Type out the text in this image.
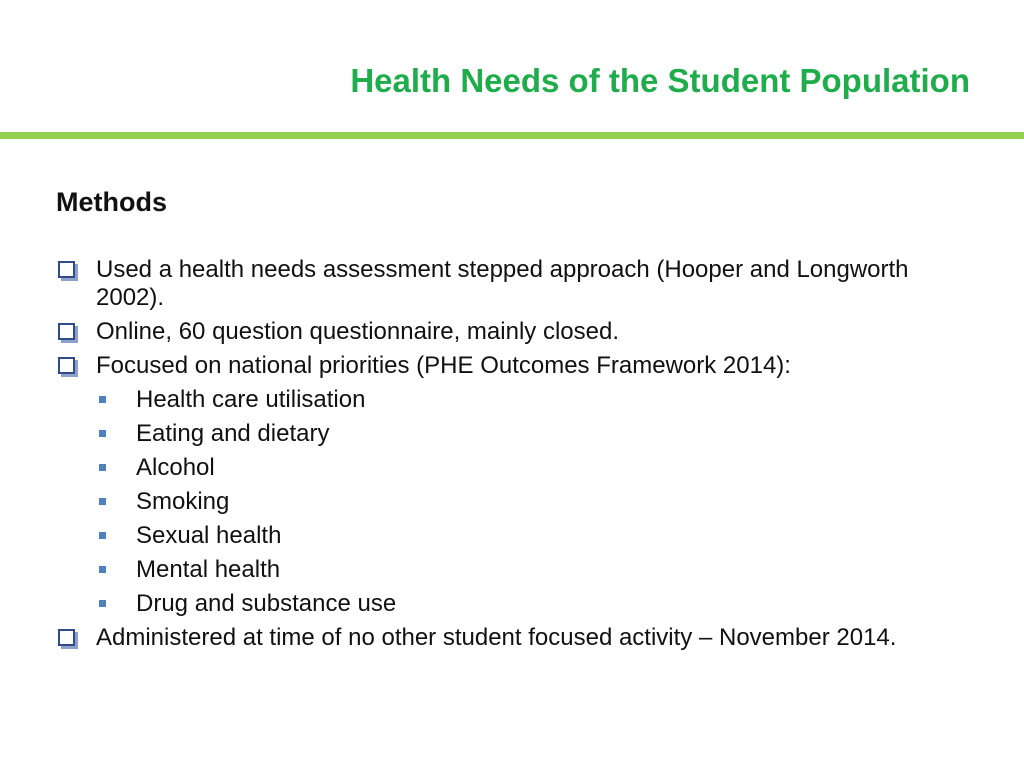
Health Needs of the Student Population
Methods
Used a health needs assessment stepped approach (Hooper and Longworth 2002).
Online, 60 question questionnaire, mainly closed.
Focused on national priorities (PHE Outcomes Framework 2014):
Health care utilisation
Eating and dietary
Alcohol
Smoking
Sexual health
Mental health
Drug and substance use
Administered at time of no other student focused activity – November 2014.
